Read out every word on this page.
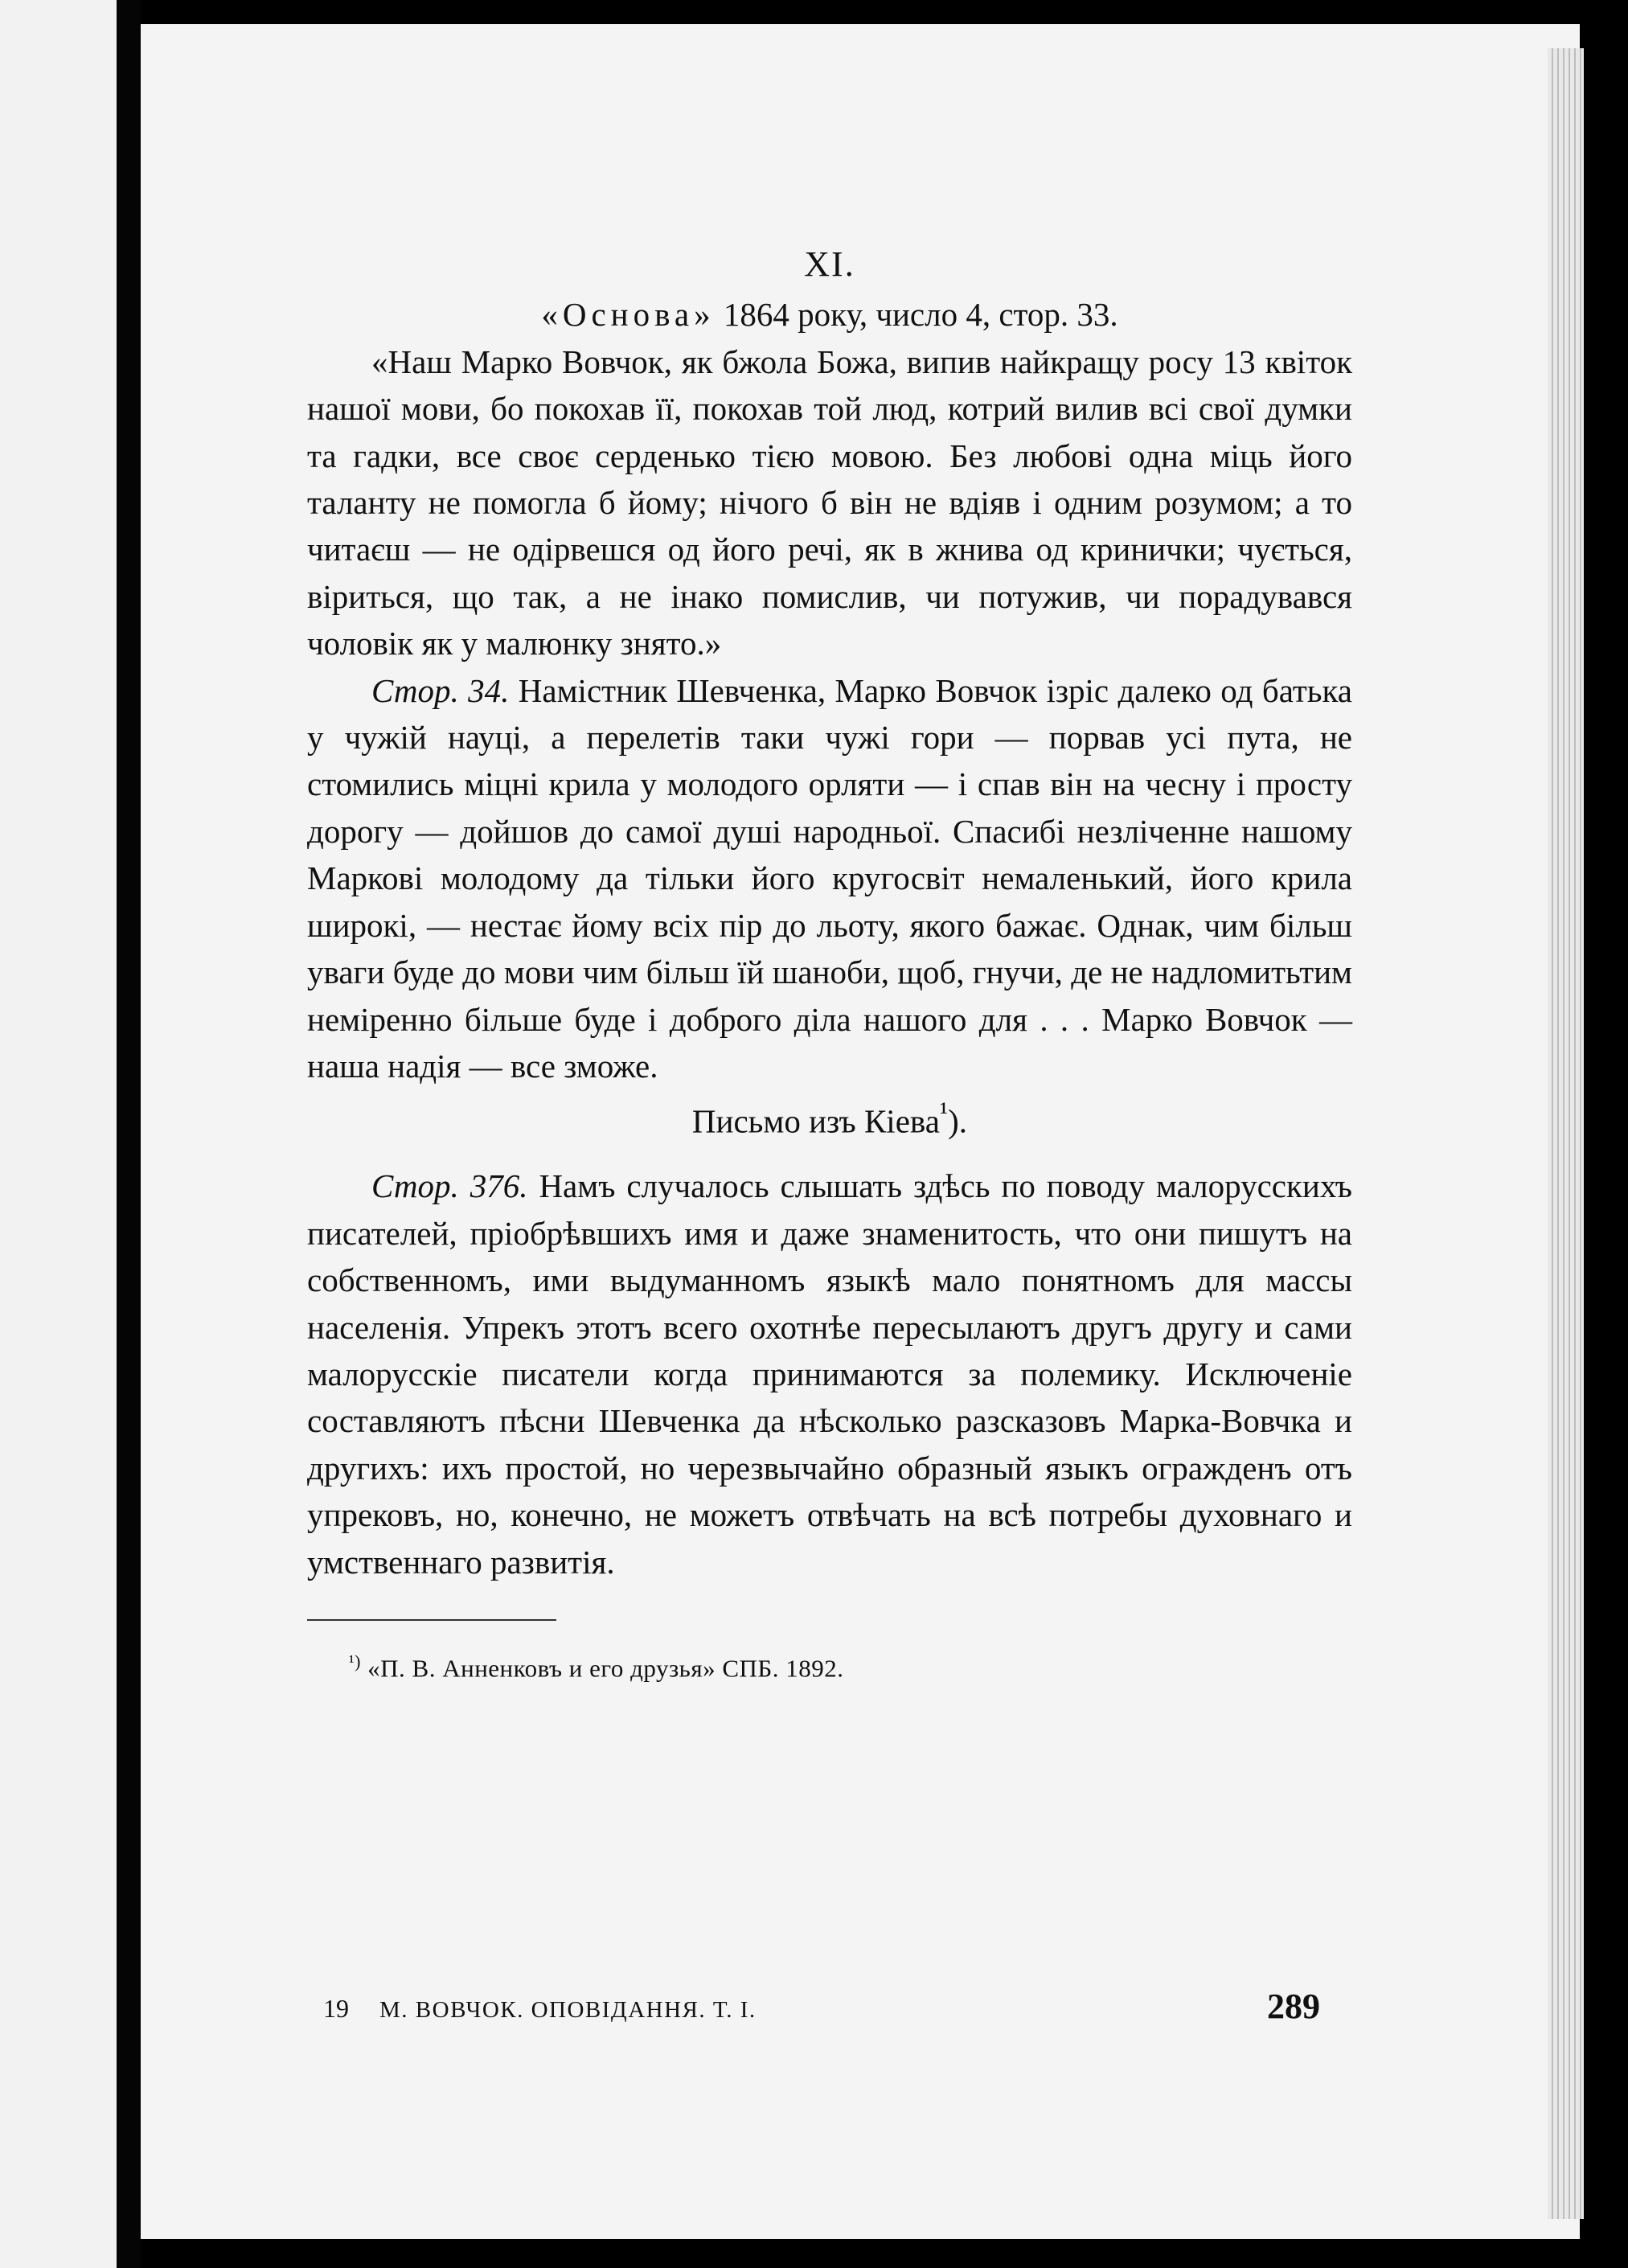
XI.

«Основа» 1864 року, число 4, стор. 33.

«Наш Марко Вовчок, як бжола Божа, випив найкращу росу 13 квіток нашої мови, бо покохав її, покохав той люд, котрий вилив всі свої думки та гадки, все своє серденько тією мовою. Без любові одна міць його таланту не помогла б йому; нічого б він не вдіяв і одним розумом; а то читаєш — не одірвешся од його речі, як в жнива од кринички; чується, віриться, що так, а не інако помислив, чи потужив, чи порадувався чоловік як у малюнку знято.»

Стор. 34. Намістник Шевченка, Марко Вовчок ізріс далеко од батька у чужій науці, а перелетів таки чужі гори — порвав усі пута, не стомились міцні крила у молодого орляти — і спав він на чесну і просту дорогу — дойшов до самої душі народньої. Спасибі незліченне нашому Маркові молодому да тільки його кругосвіт немаленький, його крила широкі, — нестає йому всіх пір до льоту, якого бажає. Однак, чим більш уваги буде до мови чим більш їй шаноби, щоб, гнучи, де не надломитьтим неміренно більше буде і доброго діла нашого для . . . Марко Вовчок — наша надія — все зможе.

Письмо изъ Кіева$^{^1}$).

Стор. 376. Намъ случалось слышать здѣсь по поводу малорусскихъ писателей, пріобрѣвшихъ имя и даже знаменитость, что они пишутъ на собственномъ, ими выдуманномъ языкѣ мало понятномъ для массы населенія. Упрекъ этотъ всего охотнѣе пересылаютъ другъ другу и сами малорусскіе писатели когда принимаются за полемику. Исключеніе составляютъ пѣсни Шевченка да нѣсколько разсказовъ Марка-Вовчка и другихъ: ихъ простой, но черезвычайно образный языкъ огражденъ отъ упрековъ, но, конечно, не можетъ отвѣчать на всѣ потребы духовнаго и умственнаго развитія.

$^{^1)}$ «П. В. Анненковъ и его друзья» СПБ. 1892.

19 М. ВОВЧОК. ОПОВІДАННЯ. Т. І.	289
